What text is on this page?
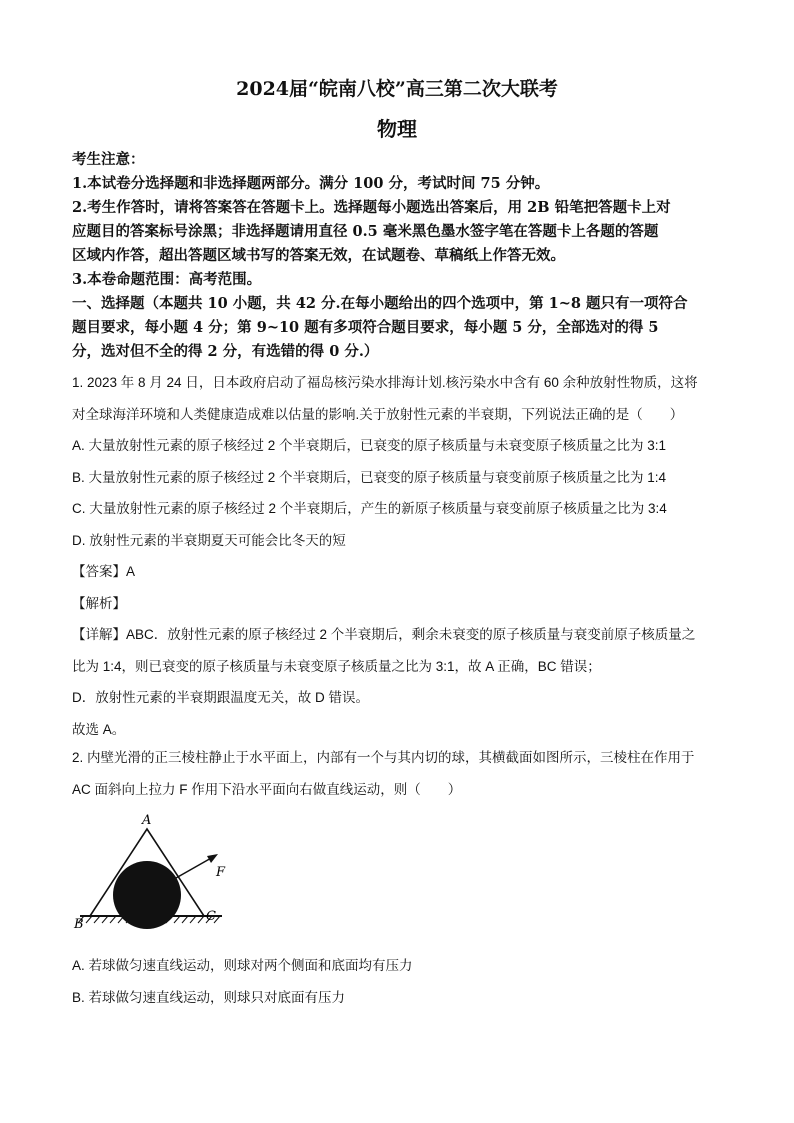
2024届“皖南八校”高三第二次大联考
物理
考生注意：
1.本试卷分选择题和非选择题两部分。满分 100 分，考试时间 75 分钟。
2.考生作答时，请将答案答在答题卡上。选择题每小题选出答案后，用 2B 铅笔把答题卡上对
应题目的答案标号涂黑；非选择题请用直径 0.5 毫米黑色墨水签字笔在答题卡上各题的答题
区域内作答，超出答题区域书写的答案无效，在试题卷、草稿纸上作答无效。
3.本卷命题范围：高考范围。
一、选择题（本题共 10 小题，共 42 分.在每小题给出的四个选项中，第 1~8 题只有一项符合
题目要求，每小题 4 分；第 9~10 题有多项符合题目要求，每小题 5 分，全部选对的得 5
分，选对但不全的得 2 分，有选错的得 0 分.）
1. 2023 年 8 月 24 日，日本政府启动了福岛核污染水排海计划.核污染水中含有 60 余种放射性物质，这将
对全球海洋环境和人类健康造成难以估量的影响.关于放射性元素的半衰期，下列说法正确的是（　　）
A. 大量放射性元素的原子核经过 2 个半衰期后，已衰变的原子核质量与未衰变原子核质量之比为 3:1
B. 大量放射性元素的原子核经过 2 个半衰期后，已衰变的原子核质量与衰变前原子核质量之比为 1:4
C. 大量放射性元素的原子核经过 2 个半衰期后，产生的新原子核质量与衰变前原子核质量之比为 3:4
D. 放射性元素的半衰期夏天可能会比冬天的短
【答案】A
【解析】
【详解】ABC．放射性元素的原子核经过 2 个半衰期后，剩余未衰变的原子核质量与衰变前原子核质量之
比为 1:4，则已衰变的原子核质量与未衰变原子核质量之比为 3:1，故 A 正确，BC 错误；
D．放射性元素的半衰期跟温度无关，故 D 错误。
故选 A。
2. 内壁光滑的正三棱柱静止于水平面上，内部有一个与其内切的球，其横截面如图所示，三棱柱在作用于
AC 面斜向上拉力 F 作用下沿水平面向右做直线运动，则（　　）
A
B
C
F
A. 若球做匀速直线运动，则球对两个侧面和底面均有压力
B. 若球做匀速直线运动，则球只对底面有压力
